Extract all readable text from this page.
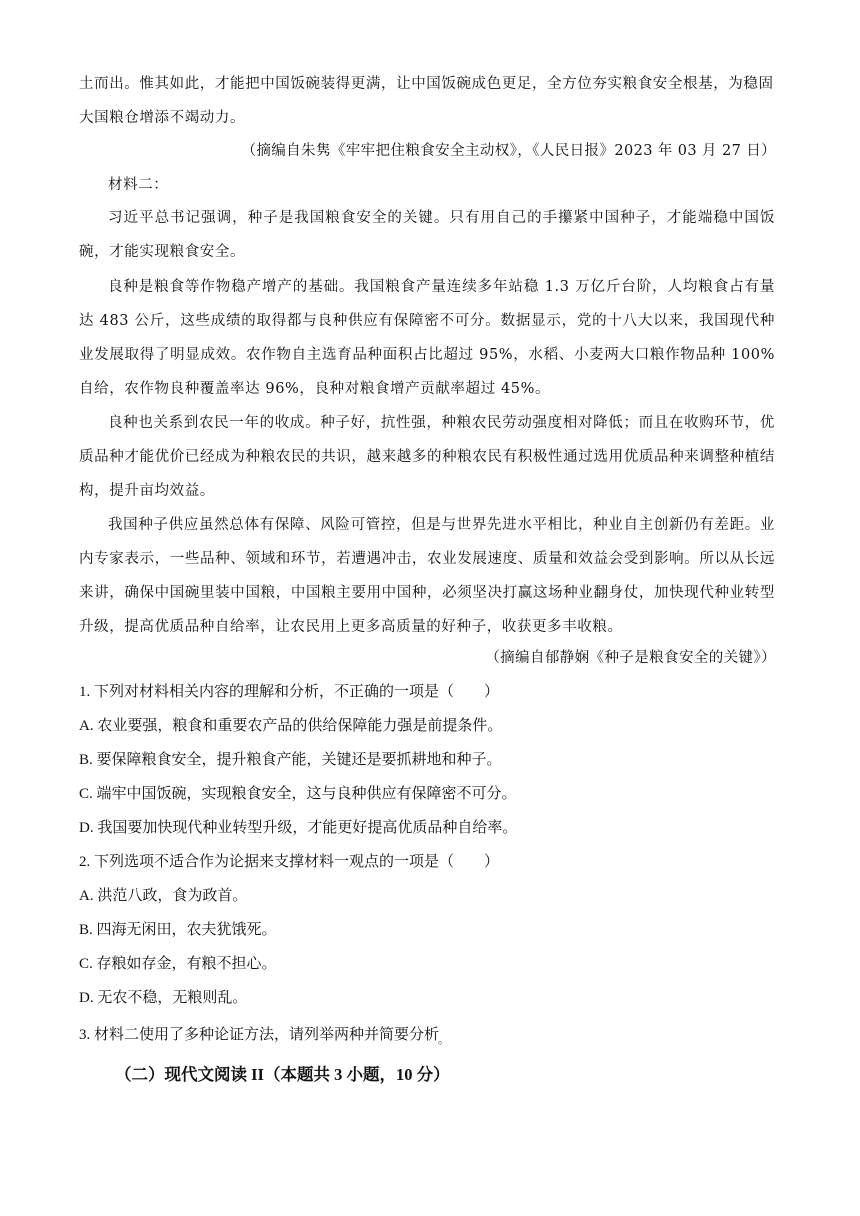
土而出。惟其如此，才能把中国饭碗装得更满，让中国饭碗成色更足，全方位夯实粮食安全根基，为稳固
大国粮仓增添不竭动力。
（摘编自朱隽《牢牢把住粮食安全主动权》，《人民日报》2023 年 03 月 27 日）
材料二：
习近平总书记强调，种子是我国粮食安全的关键。只有用自己的手攥紧中国种子，才能端稳中国饭碗，才能实现粮食安全。
良种是粮食等作物稳产增产的基础。我国粮食产量连续多年站稳 1.3 万亿斤台阶，人均粮食占有量达 483 公斤，这些成绩的取得都与良种供应有保障密不可分。数据显示，党的十八大以来，我国现代种业发展取得了明显成效。农作物自主选育品种面积占比超过 95%，水稻、小麦两大口粮作物品种 100%自给，农作物良种覆盖率达 96%，良种对粮食增产贡献率超过 45%。
良种也关系到农民一年的收成。种子好，抗性强，种粮农民劳动强度相对降低；而且在收购环节，优质品种才能优价已经成为种粮农民的共识，越来越多的种粮农民有积极性通过选用优质品种来调整种植结构，提升亩均效益。
我国种子供应虽然总体有保障、风险可管控，但是与世界先进水平相比，种业自主创新仍有差距。业内专家表示，一些品种、领域和环节，若遭遇冲击，农业发展速度、质量和效益会受到影响。所以从长远来讲，确保中国碗里装中国粮，中国粮主要用中国种，必须坚决打赢这场种业翻身仗，加快现代种业转型升级，提高优质品种自给率，让农民用上更多高质量的好种子，收获更多丰收粮。
（摘编自郁静娴《种子是粮食安全的关键》）
1. 下列对材料相关内容的理解和分析，不正确的一项是（　　）
A. 农业要强，粮食和重要农产品的供给保障能力强是前提条件。
B. 要保障粮食安全，提升粮食产能，关键还是要抓耕地和种子。
C. 端牢中国饭碗，实现粮食安全，这与良种供应有保障密不可分。
D. 我国要加快现代种业转型升级，才能更好提高优质品种自给率。
2. 下列选项不适合作为论据来支撑材料一观点的一项是（　　）
A. 洪范八政，食为政首。
B. 四海无闲田，农夫犹饿死。
C. 存粮如存金，有粮不担心。
D. 无农不稳，无粮则乱。
3. 材料二使用了多种论证方法，请列举两种并简要分析
。
（二）现代文阅读 II（本题共 3 小题，10 分）
